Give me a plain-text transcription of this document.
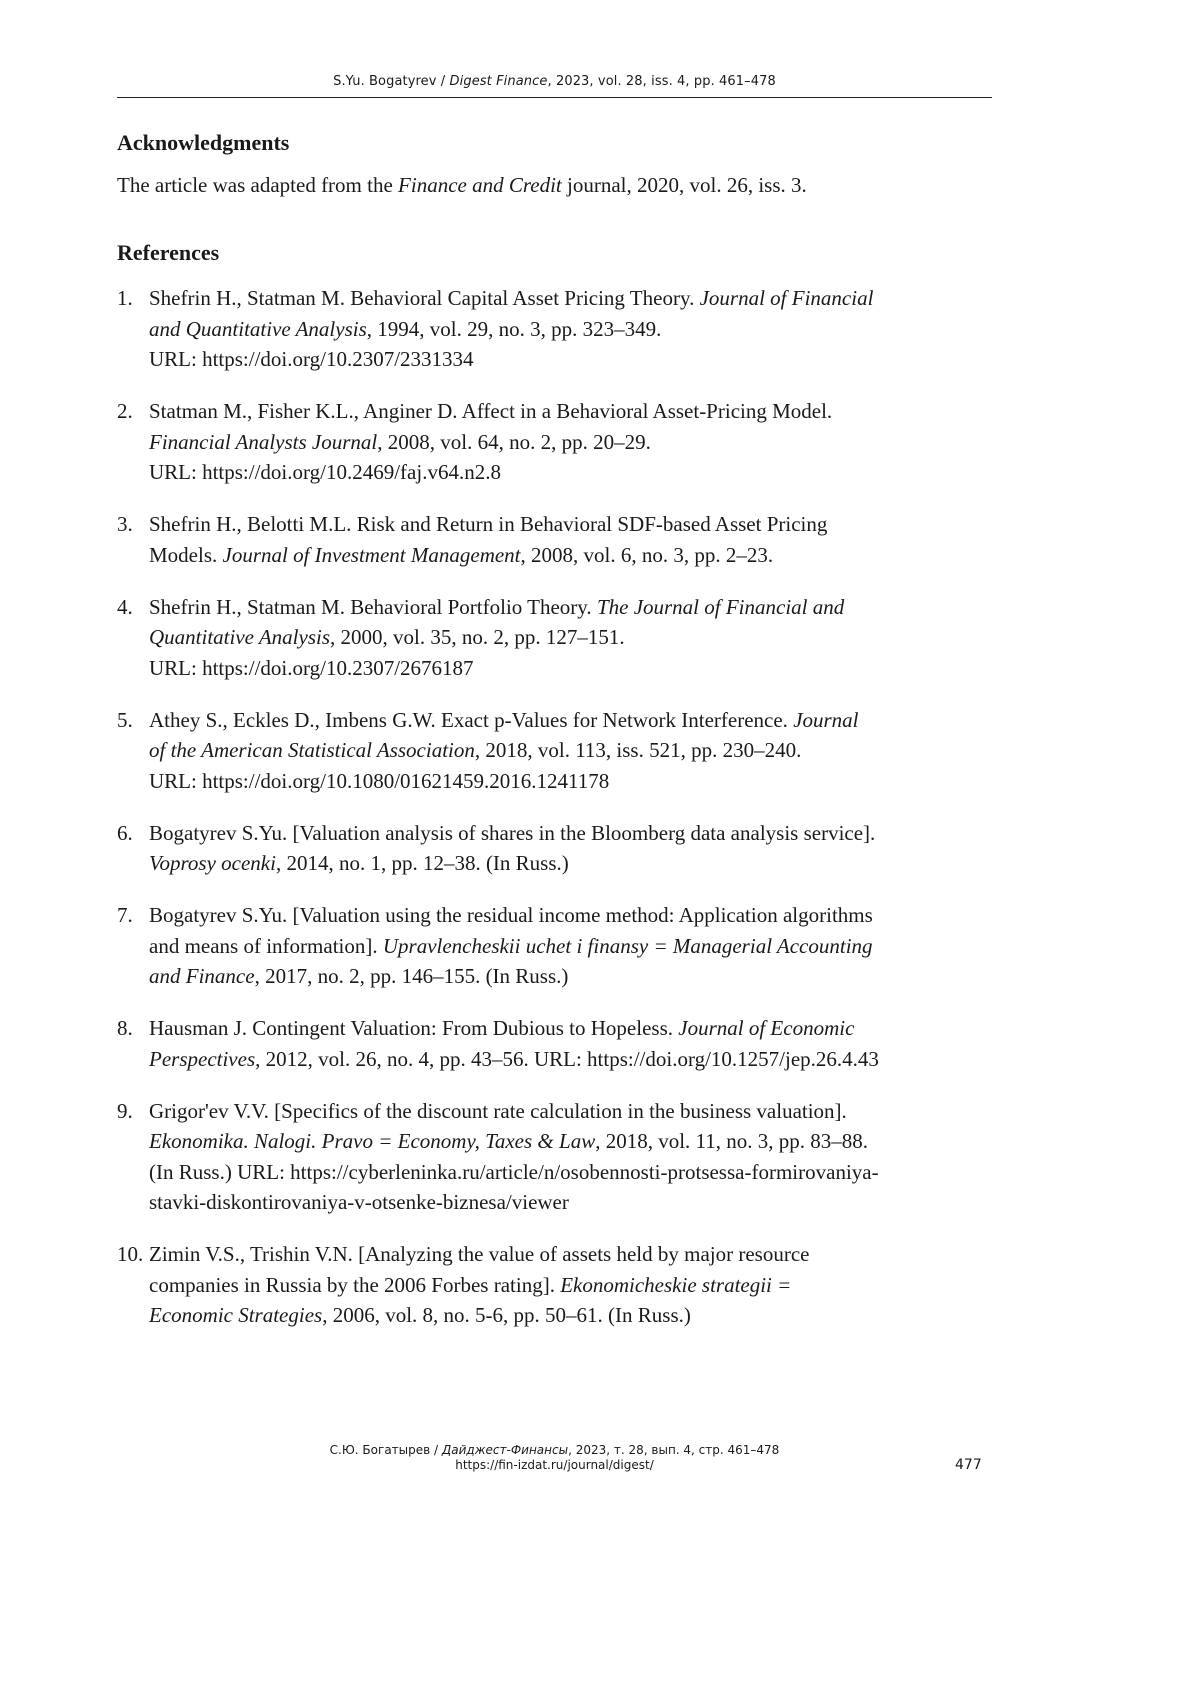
S.Yu. Bogatyrev / Digest Finance, 2023, vol. 28, iss. 4, pp. 461–478
Acknowledgments
The article was adapted from the Finance and Credit journal, 2020, vol. 26, iss. 3.
References
1. Shefrin H., Statman M. Behavioral Capital Asset Pricing Theory. Journal of Financial
and Quantitative Analysis, 1994, vol. 29, no. 3, pp. 323–349.
URL: https://doi.org/10.2307/2331334
2. Statman M., Fisher K.L., Anginer D. Affect in a Behavioral Asset-Pricing Model.
Financial Analysts Journal, 2008, vol. 64, no. 2, pp. 20–29.
URL: https://doi.org/10.2469/faj.v64.n2.8
3. Shefrin H., Belotti M.L. Risk and Return in Behavioral SDF-based Asset Pricing
Models. Journal of Investment Management, 2008, vol. 6, no. 3, pp. 2–23.
4. Shefrin H., Statman M. Behavioral Portfolio Theory. The Journal of Financial and
Quantitative Analysis, 2000, vol. 35, no. 2, pp. 127–151.
URL: https://doi.org/10.2307/2676187
5. Athey S., Eckles D., Imbens G.W. Exact p-Values for Network Interference. Journal
of the American Statistical Association, 2018, vol. 113, iss. 521, pp. 230–240.
URL: https://doi.org/10.1080/01621459.2016.1241178
6. Bogatyrev S.Yu. [Valuation analysis of shares in the Bloomberg data analysis service].
Voprosy ocenki, 2014, no. 1, pp. 12–38. (In Russ.)
7. Bogatyrev S.Yu. [Valuation using the residual income method: Application algorithms
and means of information]. Upravlencheskii uchet i finansy = Managerial Accounting
and Finance, 2017, no. 2, pp. 146–155. (In Russ.)
8. Hausman J. Contingent Valuation: From Dubious to Hopeless. Journal of Economic
Perspectives, 2012, vol. 26, no. 4, pp. 43–56. URL: https://doi.org/10.1257/jep.26.4.43
9. Grigor'ev V.V. [Specifics of the discount rate calculation in the business valuation].
Ekonomika. Nalogi. Pravo = Economy, Taxes & Law, 2018, vol. 11, no. 3, pp. 83–88.
(In Russ.) URL: https://cyberleninka.ru/article/n/osobennosti-protsessa-formirovaniya-
stavki-diskontirovaniya-v-otsenke-biznesa/viewer
10. Zimin V.S., Trishin V.N. [Analyzing the value of assets held by major resource
companies in Russia by the 2006 Forbes rating]. Ekonomicheskie strategii =
Economic Strategies, 2006, vol. 8, no. 5-6, pp. 50–61. (In Russ.)
С.Ю. Богатырев / Дайджест-Финансы, 2023, т. 28, вып. 4, стр. 461–478
https://fin-izdat.ru/journal/digest/	477
